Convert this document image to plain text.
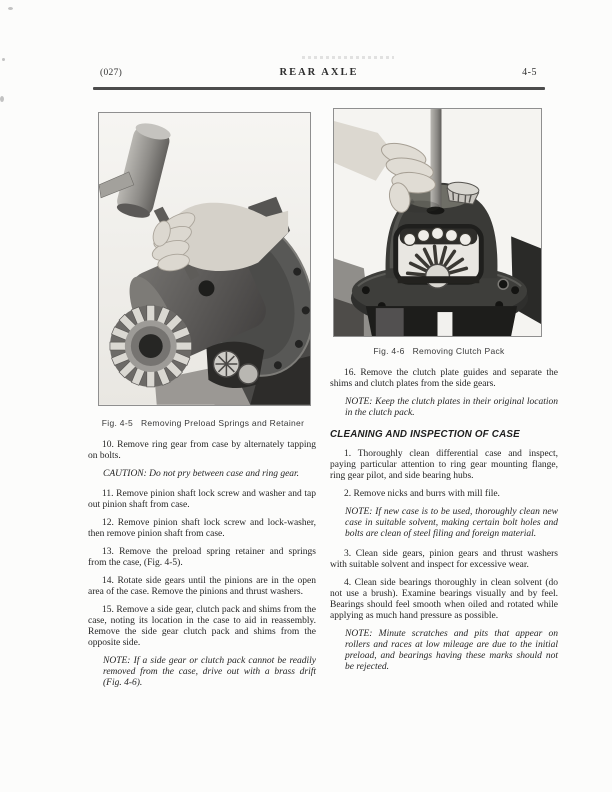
(027)	REAR AXLE	4-5
Fig. 4-5   Removing Preload Springs and Retainer
Fig. 4-6   Removing Clutch Pack

10. Remove ring gear from case by alternately tapping on bolts.

CAUTION: Do not pry between case and ring gear.

11. Remove pinion shaft lock screw and washer and tap out pinion shaft from case.

12. Remove pinion shaft lock screw and lock-washer, then remove pinion shaft from case.

13. Remove the preload spring retainer and springs from the case, (Fig. 4-5).

14. Rotate side gears until the pinions are in the open area of the case. Remove the pinions and thrust washers.

15. Remove a side gear, clutch pack and shims from the case, noting its location in the case to aid in reassembly. Remove the side gear clutch pack and shims from the opposite side.

NOTE: If a side gear or clutch pack cannot be readily removed from the case, drive out with a brass drift (Fig. 4-6).

16. Remove the clutch plate guides and separate the shims and clutch plates from the side gears.

NOTE: Keep the clutch plates in their original location in the clutch pack.

CLEANING AND INSPECTION OF CASE

1. Thoroughly clean differential case and inspect, paying particular attention to ring gear mounting flange, ring gear pilot, and side bearing hubs.

2. Remove nicks and burrs with mill file.

NOTE: If new case is to be used, thoroughly clean new case in suitable solvent, making certain bolt holes and bolts are clean of steel filing and foreign material.

3. Clean side gears, pinion gears and thrust washers with suitable solvent and inspect for excessive wear.

4. Clean side bearings thoroughly in clean solvent (do not use a brush). Examine bearings visually and by feel. Bearings should feel smooth when oiled and rotated while applying as much hand pressure as possible.

NOTE: Minute scratches and pits that appear on rollers and races at low mileage are due to the initial preload, and bearings having these marks should not be rejected.
